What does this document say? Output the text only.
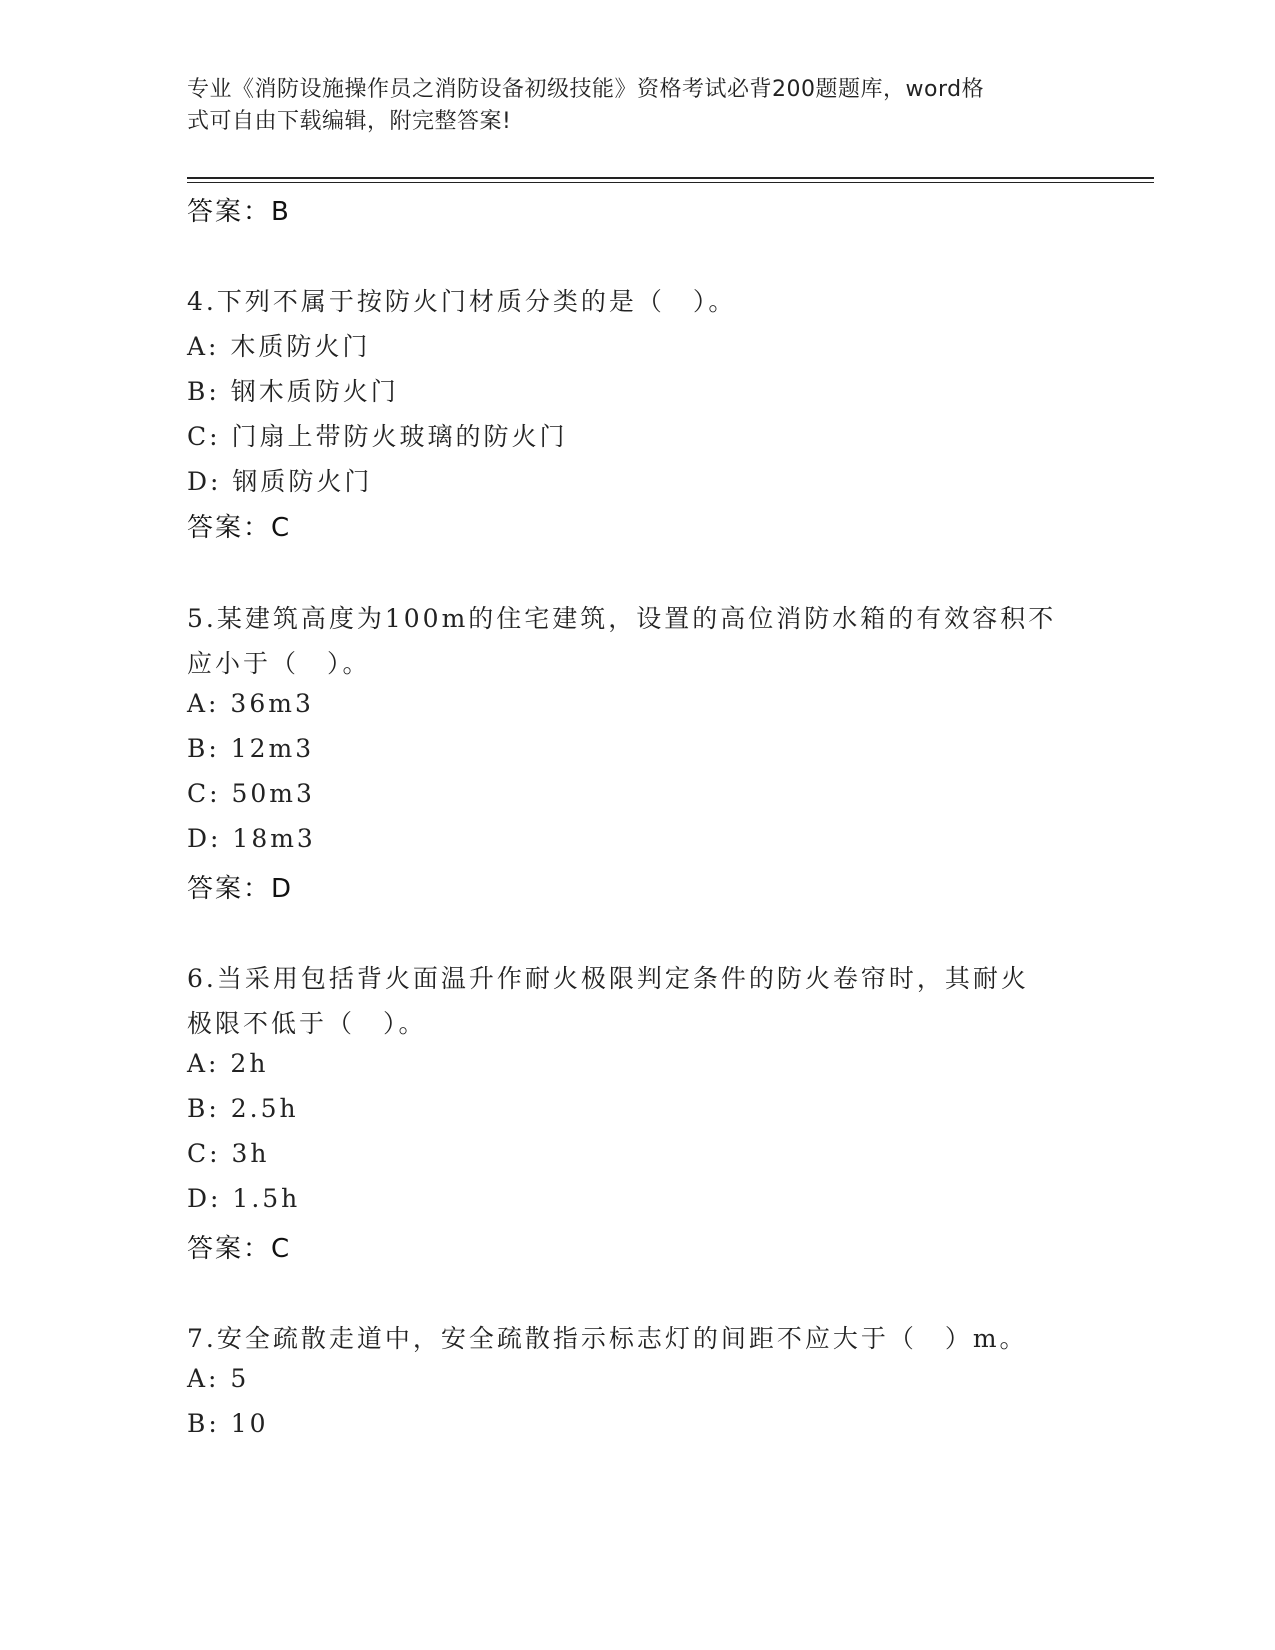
专业《消防设施操作员之消防设备初级技能》资格考试必背200题题库，word格
式可自由下载编辑，附完整答案!
答案：B
4.下列不属于按防火门材质分类的是（　）。
A: 木质防火门
B: 钢木质防火门
C: 门扇上带防火玻璃的防火门
D: 钢质防火门
答案：C
5.某建筑高度为100m的住宅建筑，设置的高位消防水箱的有效容积不
应小于（　）。
A: 36m3
B: 12m3
C: 50m3
D: 18m3
答案：D
6.当采用包括背火面温升作耐火极限判定条件的防火卷帘时，其耐火
极限不低于（　）。
A: 2h
B: 2.5h
C: 3h
D: 1.5h
答案：C
7.安全疏散走道中，安全疏散指示标志灯的间距不应大于（　）m。
A: 5
B: 10
